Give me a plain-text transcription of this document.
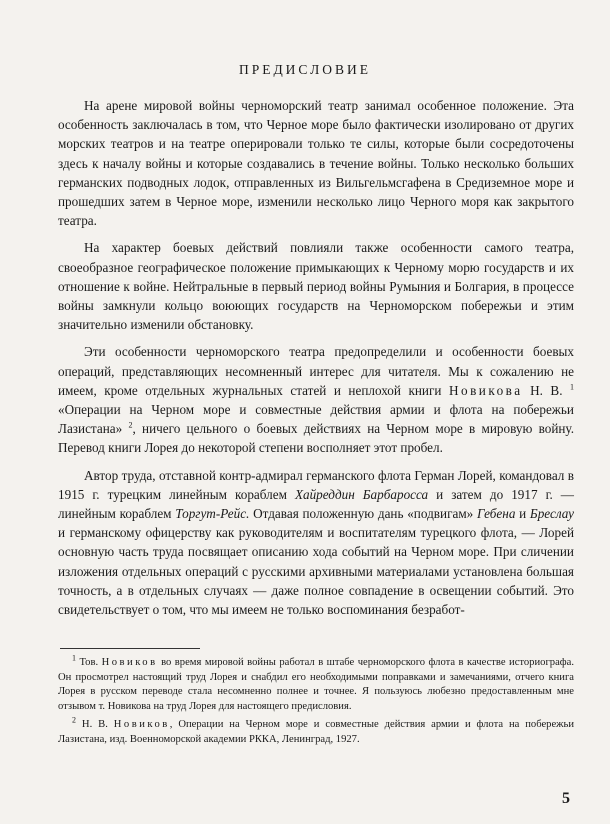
ПРЕДИСЛОВИЕ

На арене мировой войны черноморский театр занимал особенное положение. Эта особенность заключалась в том, что Черное море было фактически изолировано от других морских театров и на театре оперировали только те силы, которые были сосредоточены здесь к началу войны и которые создавались в течение войны. Только несколько больших германских подводных лодок, отправленных из Вильгельмсгафена в Средиземное море и прошедших затем в Черное море, изменили несколько лицо Черного моря как закрытого театра.

На характер боевых действий повлияли также особенности самого театра, своеобразное географическое положение примыкающих к Черному морю государств и их отношение к войне. Нейтральные в первый период войны Румыния и Болгария, в процессе войны замкнули кольцо воюющих государств на Черноморском побережьи и этим значительно изменили обстановку.

Эти особенности черноморского театра предопределили и особенности боевых операций, представляющих несомненный интерес для читателя. Мы к сожалению не имеем, кроме отдельных журнальных статей и неплохой книги Новикова Н. В. $^1$ «Операции на Черном море и совместные действия армии и флота на побережьи Лазистана» $^2$, ничего цельного о боевых действиях на Черном море в мировую войну. Перевод книги Лорея до некоторой степени восполняет этот пробел.

Автор труда, отставной контр-адмирал германского флота Герман Лорей, командовал в 1915 г. турецким линейным кораблем Хайреддин Барбаросса и затем до 1917 г. — линейным кораблем Торгут-Рейс. Отдавая положенную дань «подвигам» Гебена и Бреслау и германскому офицерству как руководителям и воспитателям турецкого флота, — Лорей основную часть труда посвящает описанию хода событий на Черном море. При сличении изложения отдельных операций с русскими архивными материалами установлена большая точность, а в отдельных случаях — даже полное совпадение в освещении событий. Это свидетельствует о том, что мы имеем не только воспоминания безработ-

$^1$ Тов. Новиков во время мировой войны работал в штабе черноморского флота в качестве историографа. Он просмотрел настоящий труд Лорея и снабдил его необходимыми поправками и замечаниями, отчего книга Лорея в русском переводе стала несомненно полнее и точнее. Я пользуюсь любезно предоставленным мне отзывом т. Новикова на труд Лорея для настоящего предисловия.

$^2$ Н. В. Новиков, Операции на Черном море и совместные действия армии и флота на побережьи Лазистана, изд. Военноморской академии РККА, Ленинград, 1927.

5
